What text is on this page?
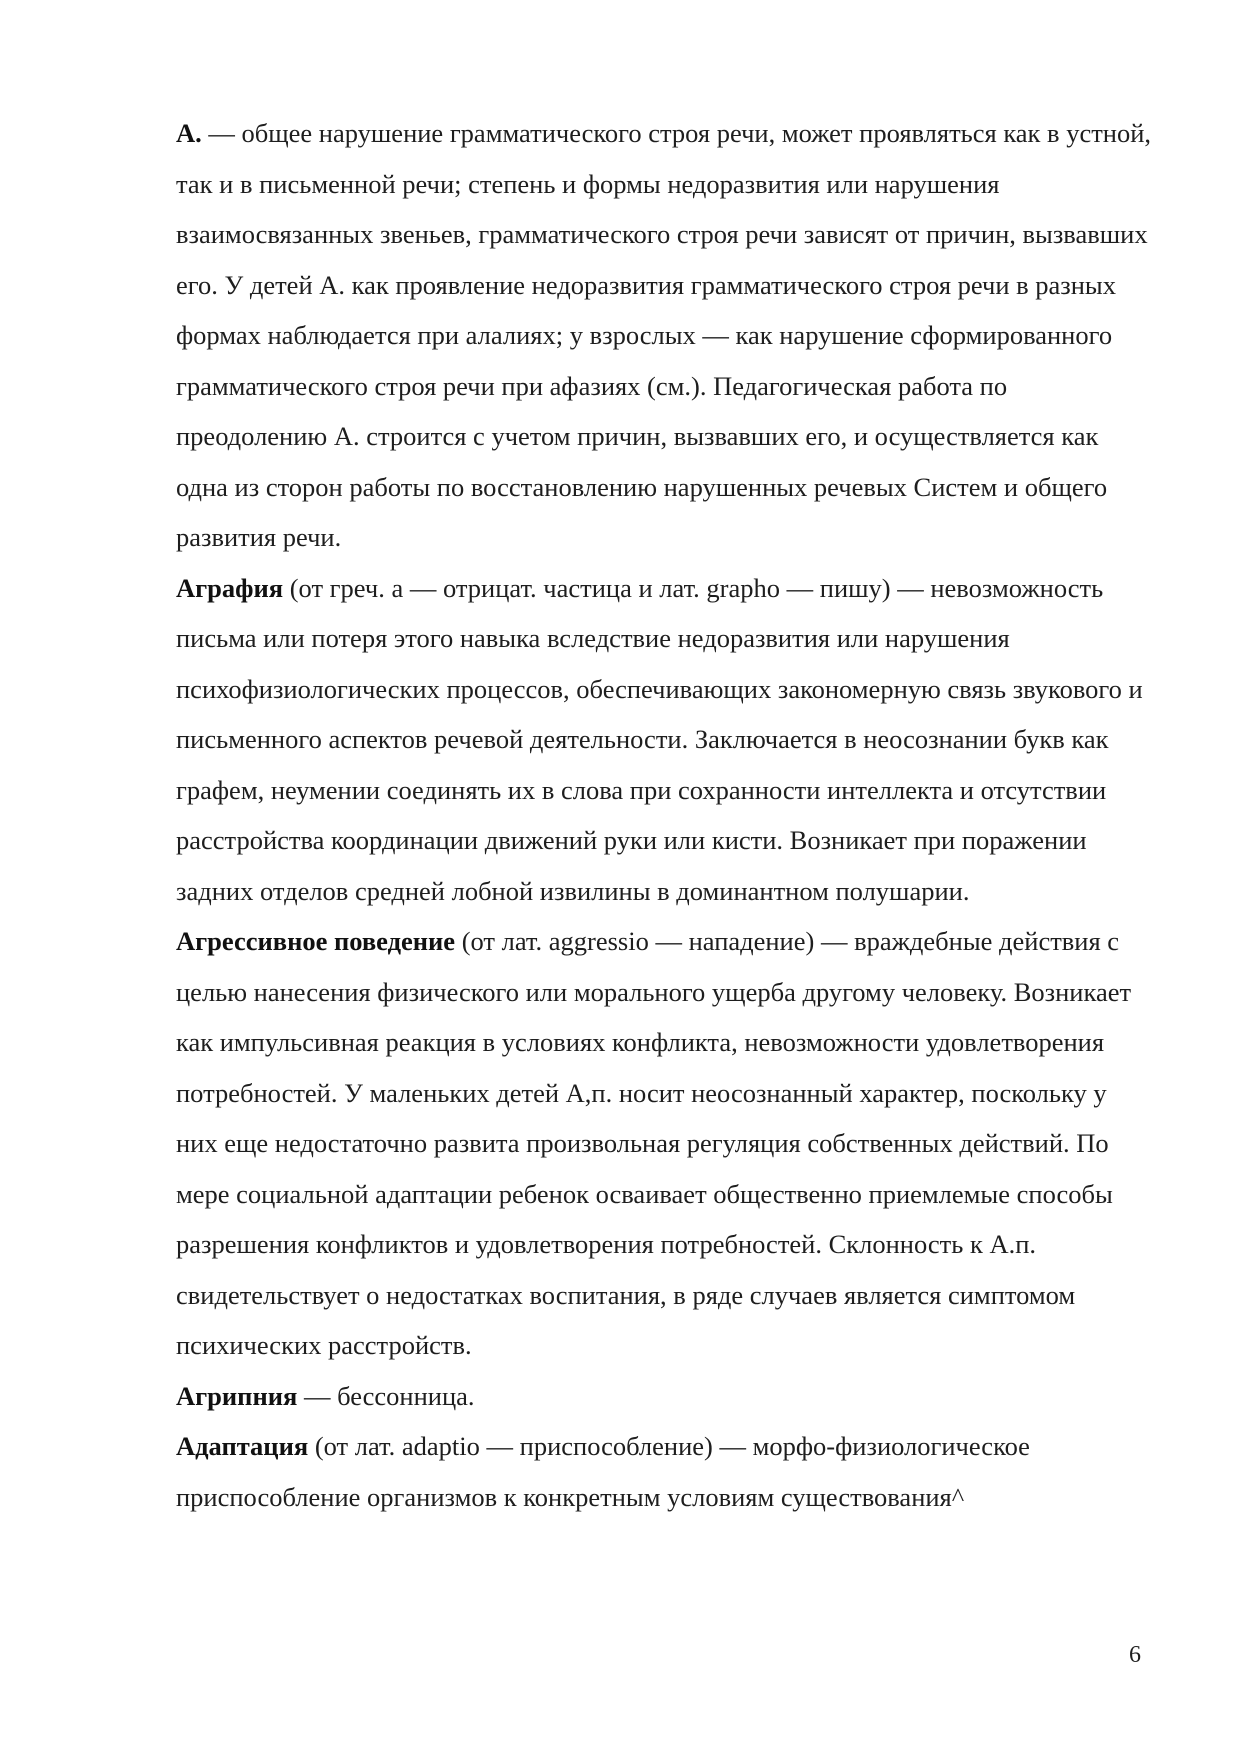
А. — общее нарушение грамматического строя речи, может проявляться как в устной, так и в письменной речи; степень и формы недоразвития или нарушения взаимосвязанных звеньев, грамматического строя речи зависят от причин, вызвавших его. У детей А. как проявление недоразвития грамматического строя речи в разных формах наблюдается при алалиях; у взрослых — как нарушение сформированного грамматического строя речи при афазиях (см.). Педагогическая работа по преодолению А. строится с учетом причин, вызвавших его, и осуществляется как одна из сторон работы по восстановлению нарушенных речевых Систем и общего развития речи.

Аграфия (от греч. а — отрицат. частица и лат. grapho — пишу) — невозможность письма или потеря этого навыка вследствие недоразвития или нарушения психофизиологических процессов, обеспечивающих закономерную связь звукового и письменного аспектов речевой деятельности. Заключается в неосознании букв как графем, неумении соединять их в слова при сохранности интеллекта и отсутствии расстройства координации движений руки или кисти. Возникает при поражении задних отделов средней лобной извилины в доминантном полушарии.

Агрессивное поведение (от лат. aggressio — нападение) — враждебные действия с целью нанесения физического или морального ущерба другому человеку. Возникает как импульсивная реакция в условиях конфликта, невозможности удовлетворения потребностей. У маленьких детей А,п. носит неосознанный характер, поскольку у них еще недостаточно развита произвольная регуляция собственных действий. По мере социальной адаптации ребенок осваивает общественно приемлемые способы разрешения конфликтов и удовлетворения потребностей. Склонность к А.п. свидетельствует о недостатках воспитания, в ряде случаев является симптомом психических расстройств.

Агрипния — бессонница.

Адаптация (от лат. adaptio — приспособление) — морфо-физиологическое приспособление организмов к конкретным условиям существования^

6
